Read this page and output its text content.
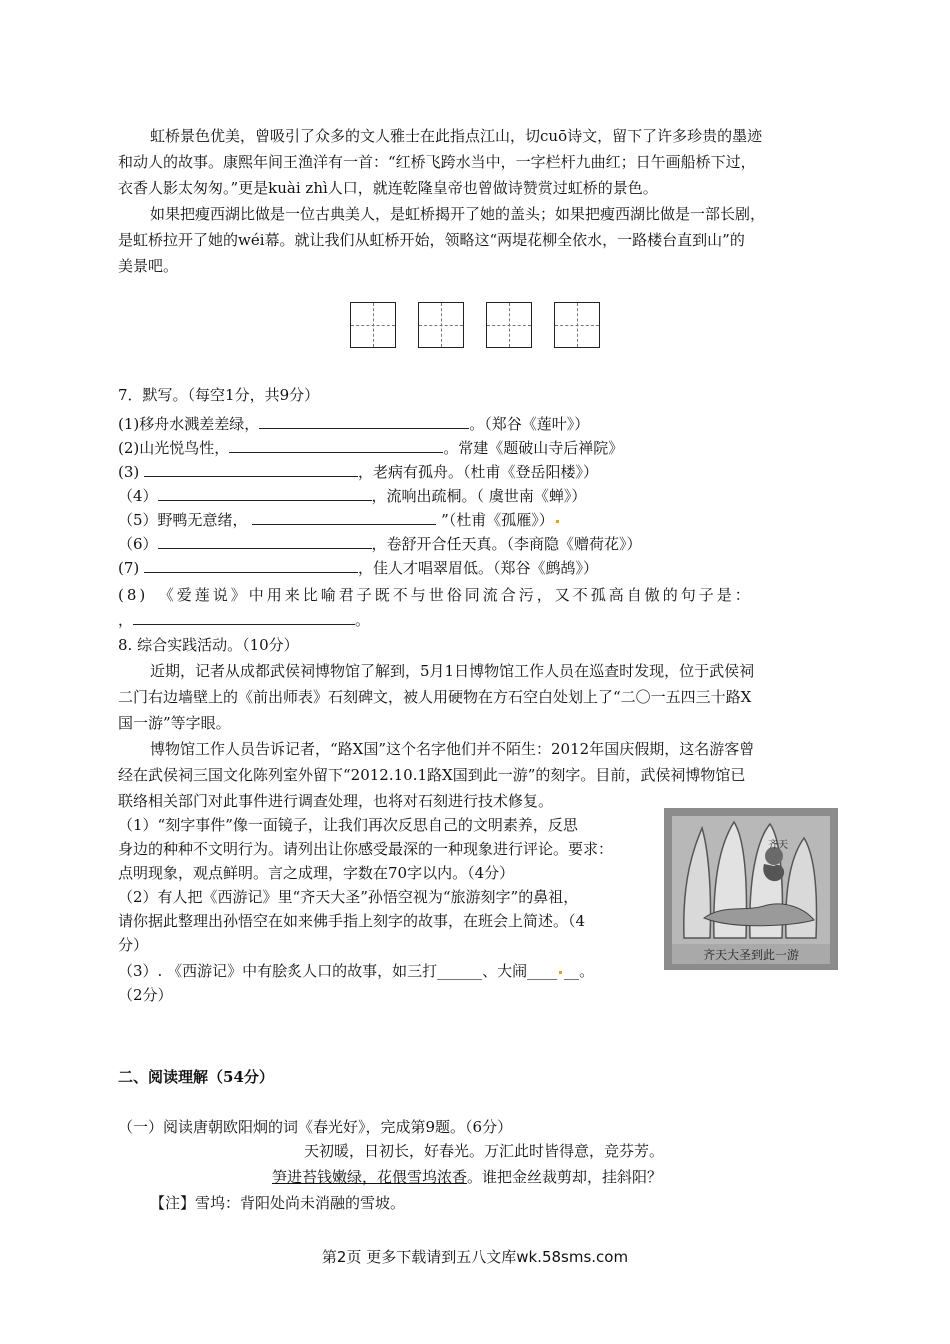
虹桥景色优美，曾吸引了众多的文人雅士在此指点江山，切cuō诗文，留下了许多珍贵的墨迹
和动人的故事。康熙年间王渔洋有一首：“红桥飞跨水当中，一字栏杆九曲红；日午画船桥下过，
衣香人影太匆匆。”更是kuài zhì人口，就连乾隆皇帝也曾做诗赞赏过虹桥的景色。
如果把瘦西湖比做是一位古典美人，是虹桥揭开了她的盖头；如果把瘦西湖比做是一部长剧，
是虹桥拉开了她的wéi幕。就让我们从虹桥开始，领略这“两堤花柳全依水，一路楼台直到山”的
美景吧。
7．默写。（每空1分，共9分）
(1)移舟水溅差差绿，	。（郑谷《莲叶》）
(2)山光悦鸟性，	。常建《题破山寺后禅院》
(3)	，老病有孤舟。（杜甫《登岳阳楼》）
（4）	，流响出疏桐。（ 虞世南《蝉》）
（5）野鸭无意绪，	”（杜甫《孤雁》）
（6）	，卷舒开合任天真。（李商隐《赠荷花》）
(7)	，佳人才唱翠眉低。（郑谷《鹧鸪》）
(8)　《爱莲说》中用来比喻君子既不与世俗同流合污，又不孤高自傲的句子是：
，	。
8. 综合实践活动。（10分）
近期，记者从成都武侯祠博物馆了解到，5月1日博物馆工作人员在巡查时发现，位于武侯祠
二门右边墙壁上的《前出师表》石刻碑文，被人用硬物在方石空白处划上了“二〇一五四三十路X
国一游”等字眼。
博物馆工作人员告诉记者，“路X国”这个名字他们并不陌生：2012年国庆假期，这名游客曾
经在武侯祠三国文化陈列室外留下“2012.10.1路X国到此一游”的刻字。目前，武侯祠博物馆已
联络相关部门对此事件进行调查处理，也将对石刻进行技术修复。
（1）“刻字事件”像一面镜子，让我们再次反思自己的文明素养，反思
身边的种种不文明行为。请列出让你感受最深的一种现象进行评论。要求：
点明现象，观点鲜明。言之成理，字数在70字以内。（4分）
（2）有人把《西游记》里“齐天大圣”孙悟空视为“旅游刻字”的鼻祖，
请你据此整理出孙悟空在如来佛手指上刻字的故事，在班会上简述。（4
分）
（3）. 《西游记》中有脍炙人口的故事，如三打______、大闹____ __。
（2分）
齐天
齐天大圣到此一游
二、阅读理解（54分）
（一）阅读唐朝欧阳炯的词《春光好》，完成第9题。（6分）
天初暖，日初长，好春光。万汇此时皆得意，竞芬芳。
笋进苔钱嫩绿，花偎雪坞浓香。谁把金丝裁剪却，挂斜阳？
【注】雪坞：背阳处尚未消融的雪坡。
第2页 更多下载请到五八文库wk.58sms.com
